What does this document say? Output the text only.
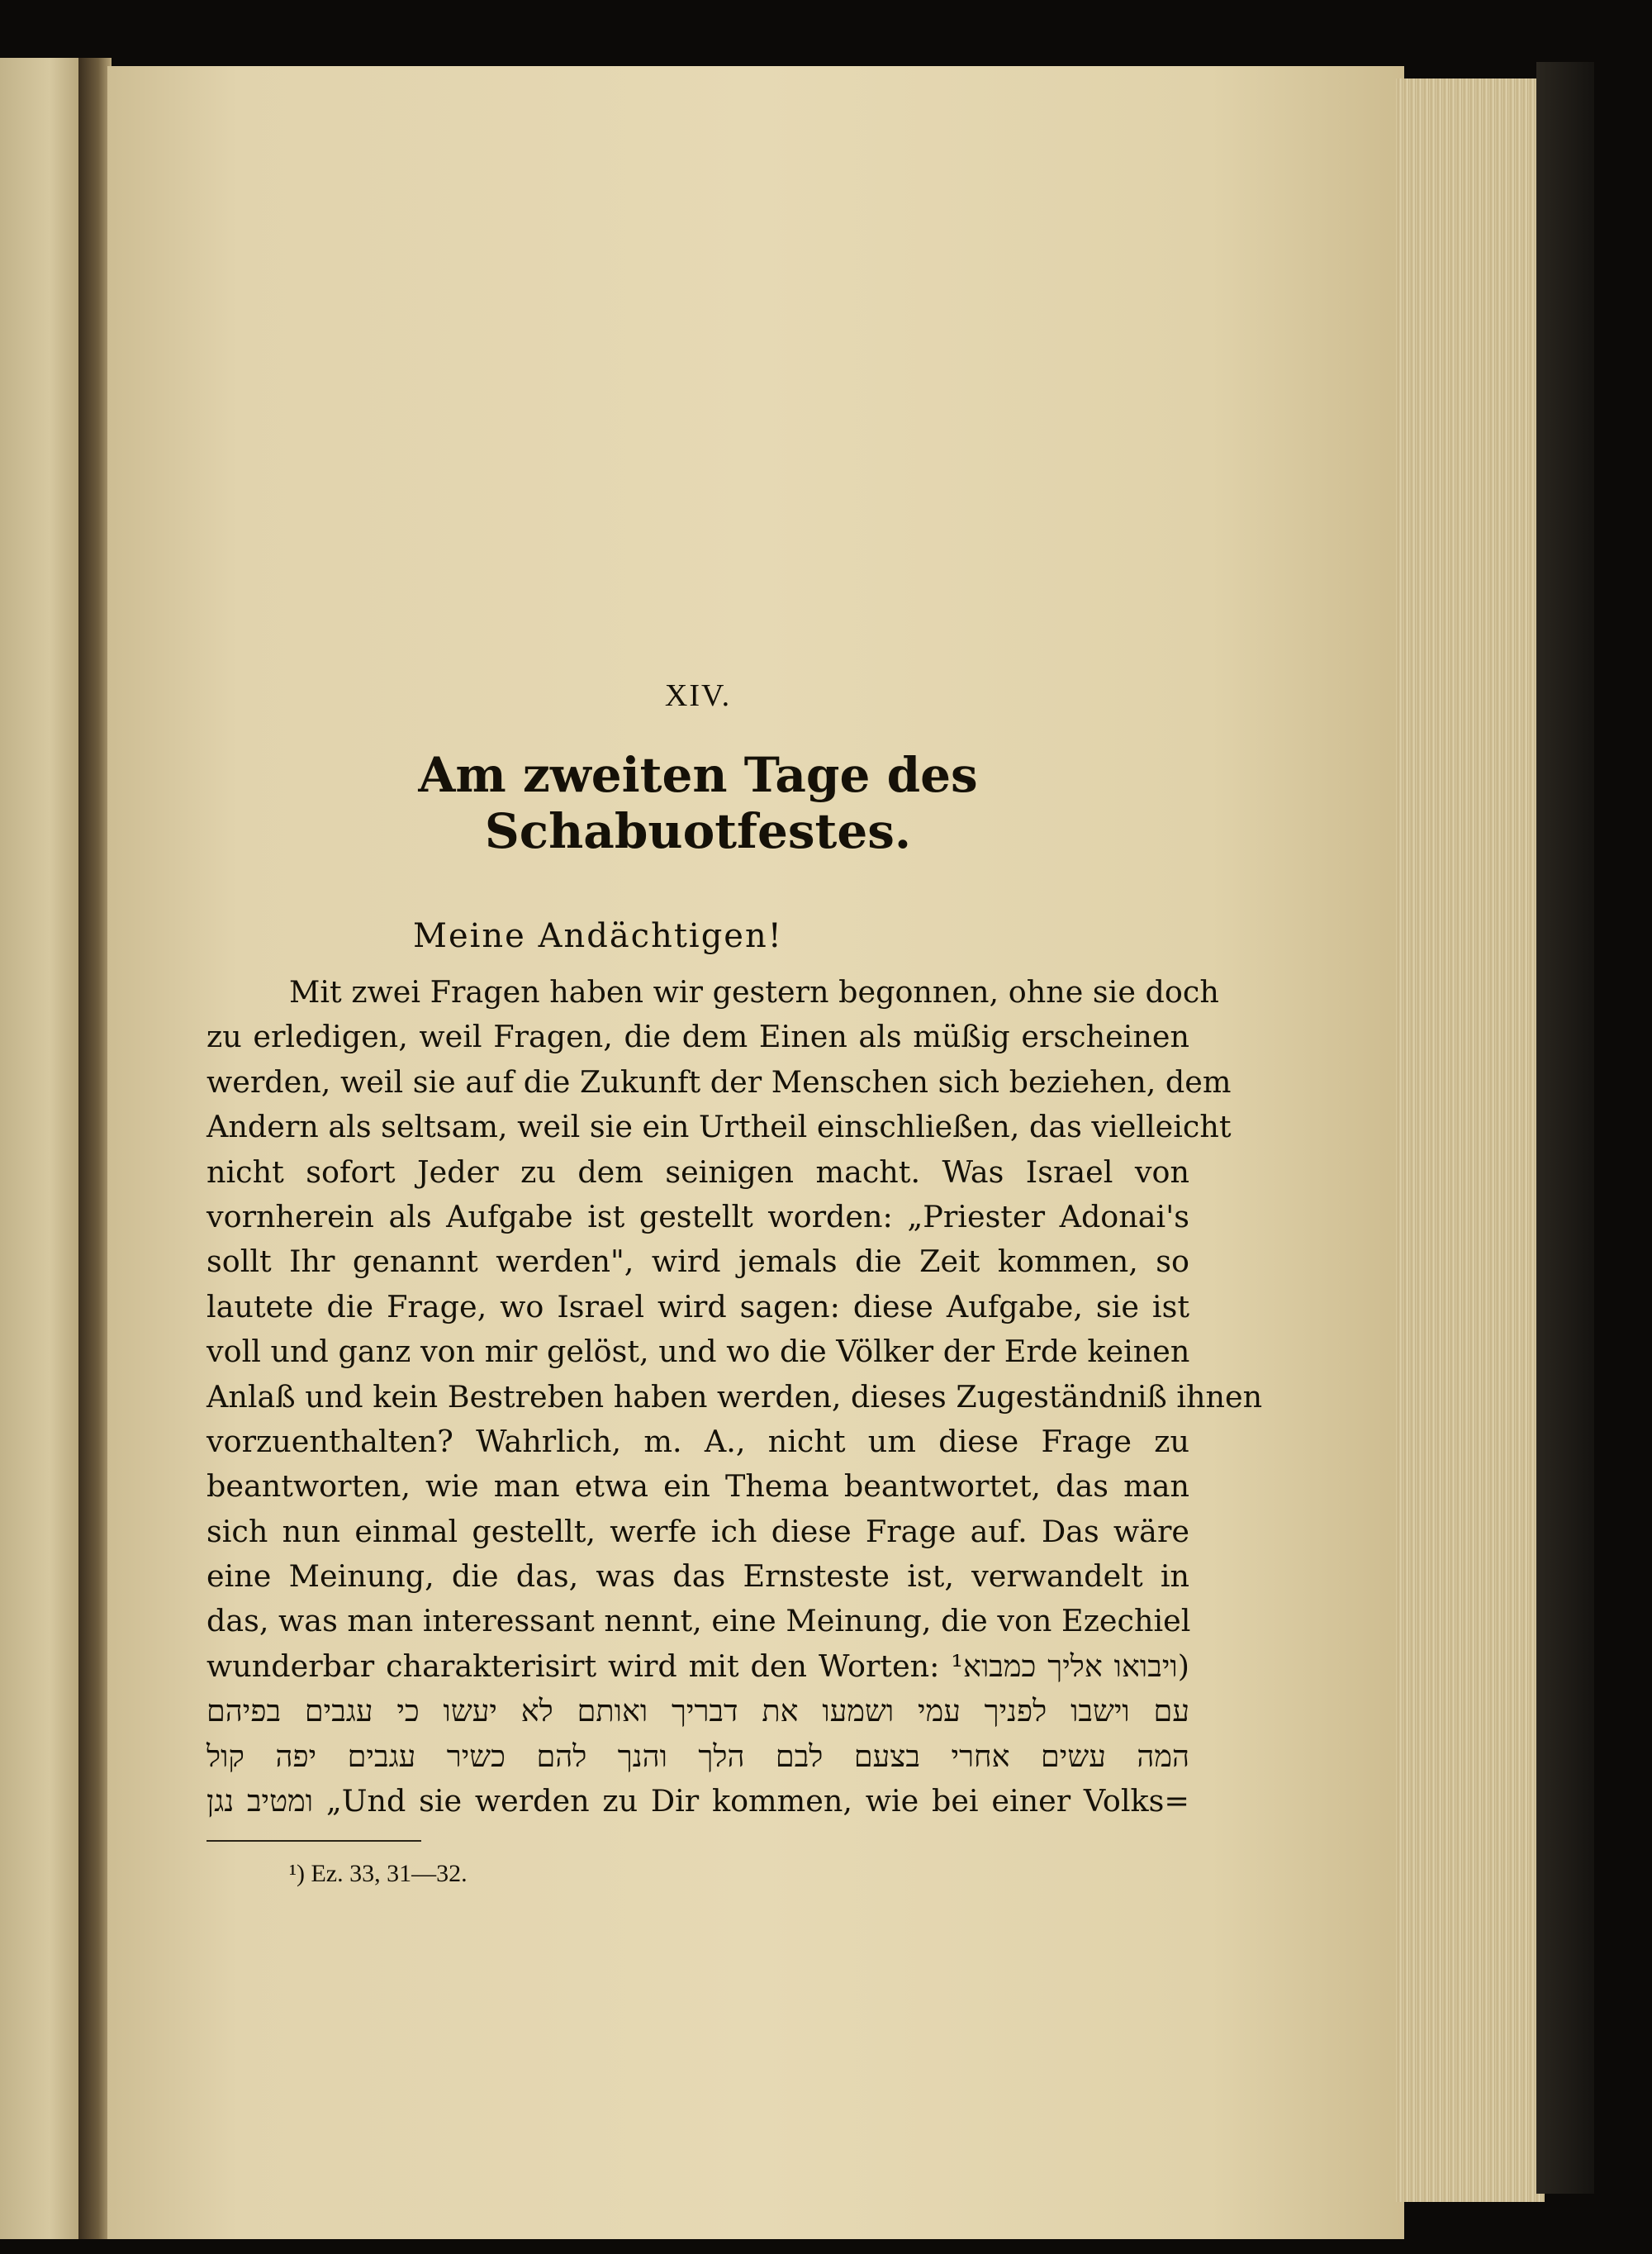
XIV.
Am zweiten Tage des Schabuotfestes.
Meine Andächtigen!
Mit zwei Fragen haben wir gestern begonnen, ohne sie doch
zu erledigen, weil Fragen, die dem Einen als müßig erscheinen
werden, weil sie auf die Zukunft der Menschen sich beziehen, dem
Andern als seltsam, weil sie ein Urtheil einschließen, das vielleicht
nicht sofort Jeder zu dem seinigen macht. Was Israel von
vornherein als Aufgabe ist gestellt worden: „Priester Adonai's
sollt Ihr genannt werden", wird jemals die Zeit kommen, so
lautete die Frage, wo Israel wird sagen: diese Aufgabe, sie ist
voll und ganz von mir gelöst, und wo die Völker der Erde keinen
Anlaß und kein Bestreben haben werden, dieses Zugeständniß ihnen
vorzuenthalten? Wahrlich, m. A., nicht um diese Frage zu
beantworten, wie man etwa ein Thema beantwortet, das man
sich nun einmal gestellt, werfe ich diese Frage auf. Das wäre
eine Meinung, die das, was das Ernsteste ist, verwandelt in
das, was man interessant nennt, eine Meinung, die von Ezechiel
wunderbar charakterisirt wird mit den Worten: ויבואו אליך כמבוא¹)
עם וישבו לפניך עמי ושמעו את דבריך ואותם לא יעשו כי עגבים בפיהם
המה עשים אחרי בצעם לבם הלך והנך להם כשיר עגבים יפה קול
ומטיב נגן „Und sie werden zu Dir kommen, wie bei einer Volks=
¹) Ez. 33, 31—32.
